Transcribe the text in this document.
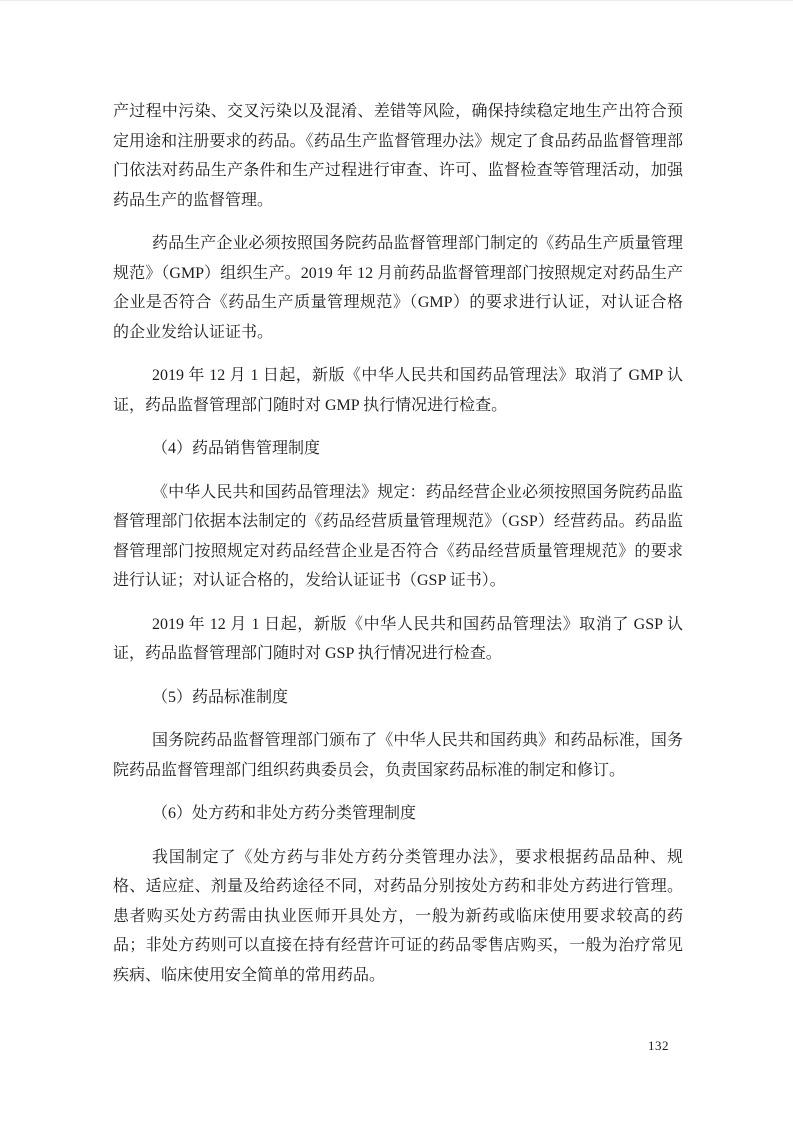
产过程中污染、交叉污染以及混淆、差错等风险，确保持续稳定地生产出符合预定用途和注册要求的药品。《药品生产监督管理办法》规定了食品药品监督管理部门依法对药品生产条件和生产过程进行审查、许可、监督检查等管理活动，加强药品生产的监督管理。

药品生产企业必须按照国务院药品监督管理部门制定的《药品生产质量管理规范》（GMP）组织生产。2019 年 12 月前药品监督管理部门按照规定对药品生产企业是否符合《药品生产质量管理规范》（GMP）的要求进行认证，对认证合格的企业发给认证证书。

2019 年 12 月 1 日起，新版《中华人民共和国药品管理法》取消了 GMP 认证，药品监督管理部门随时对 GMP 执行情况进行检查。

（4）药品销售管理制度

《中华人民共和国药品管理法》规定：药品经营企业必须按照国务院药品监督管理部门依据本法制定的《药品经营质量管理规范》（GSP）经营药品。药品监督管理部门按照规定对药品经营企业是否符合《药品经营质量管理规范》的要求进行认证；对认证合格的，发给认证证书（GSP 证书）。

2019 年 12 月 1 日起，新版《中华人民共和国药品管理法》取消了 GSP 认证，药品监督管理部门随时对 GSP 执行情况进行检查。

（5）药品标准制度

国务院药品监督管理部门颁布了《中华人民共和国药典》和药品标准，国务院药品监督管理部门组织药典委员会，负责国家药品标准的制定和修订。

（6）处方药和非处方药分类管理制度

我国制定了《处方药与非处方药分类管理办法》，要求根据药品品种、规格、适应症、剂量及给药途径不同，对药品分别按处方药和非处方药进行管理。患者购买处方药需由执业医师开具处方，一般为新药或临床使用要求较高的药品；非处方药则可以直接在持有经营许可证的药品零售店购买，一般为治疗常见疾病、临床使用安全简单的常用药品。

132
